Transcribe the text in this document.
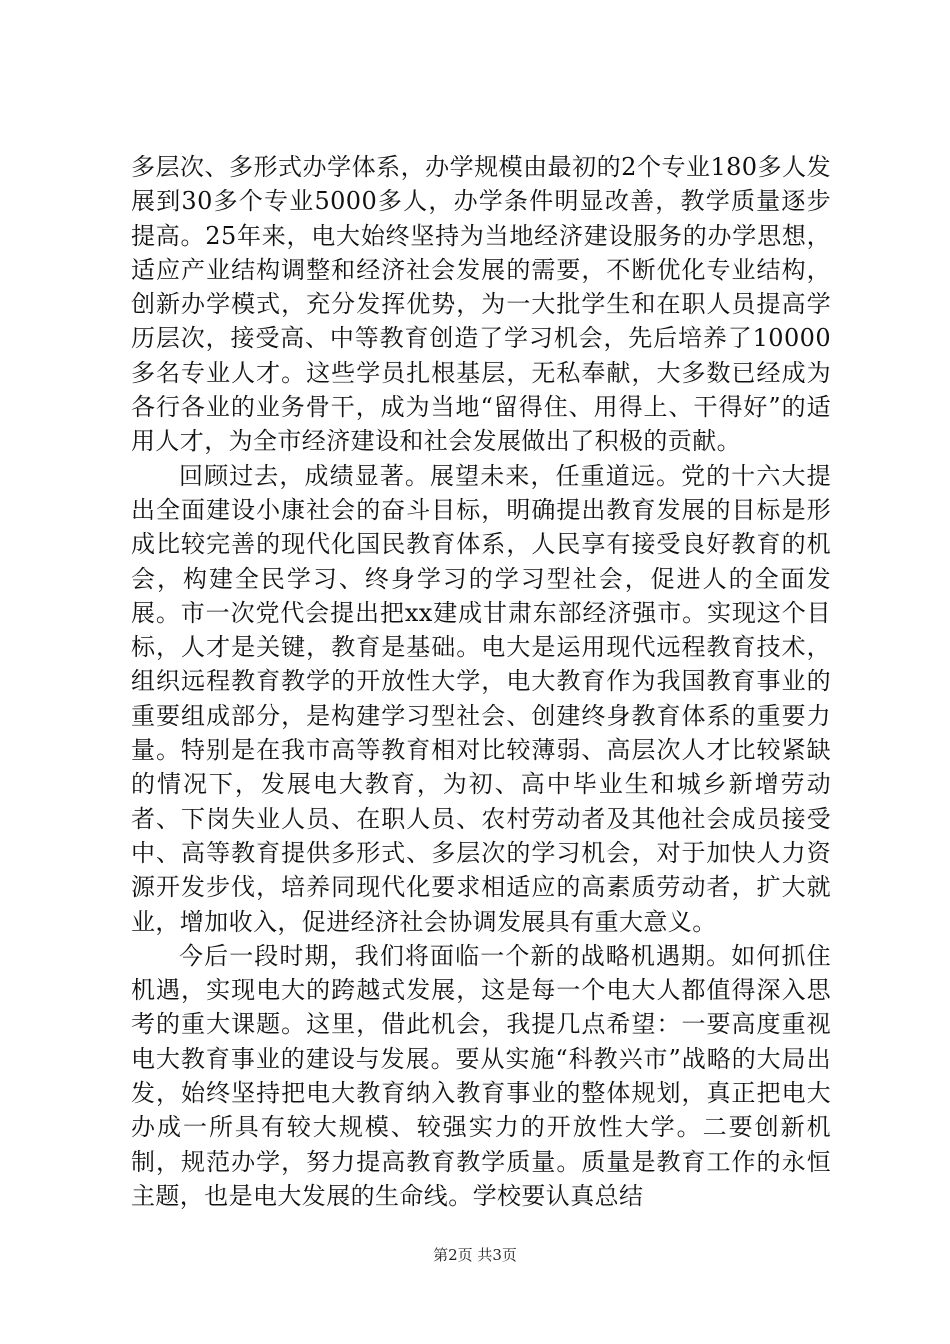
多层次、多形式办学体系，办学规模由最初的2个专业180多人发展到30多个专业5000多人，办学条件明显改善，教学质量逐步提高。25年来，电大始终坚持为当地经济建设服务的办学思想，适应产业结构调整和经济社会发展的需要，不断优化专业结构，创新办学模式，充分发挥优势，为一大批学生和在职人员提高学历层次，接受高、中等教育创造了学习机会，先后培养了10000多名专业人才。这些学员扎根基层，无私奉献，大多数已经成为各行各业的业务骨干，成为当地“留得住、用得上、干得好”的适用人才，为全市经济建设和社会发展做出了积极的贡献。

回顾过去，成绩显著。展望未来，任重道远。党的十六大提出全面建设小康社会的奋斗目标，明确提出教育发展的目标是形成比较完善的现代化国民教育体系，人民享有接受良好教育的机会，构建全民学习、终身学习的学习型社会，促进人的全面发展。市一次党代会提出把xx建成甘肃东部经济强市。实现这个目标，人才是关键，教育是基础。电大是运用现代远程教育技术，组织远程教育教学的开放性大学，电大教育作为我国教育事业的重要组成部分，是构建学习型社会、创建终身教育体系的重要力量。特别是在我市高等教育相对比较薄弱、高层次人才比较紧缺的情况下，发展电大教育，为初、高中毕业生和城乡新增劳动者、下岗失业人员、在职人员、农村劳动者及其他社会成员接受中、高等教育提供多形式、多层次的学习机会，对于加快人力资源开发步伐，培养同现代化要求相适应的高素质劳动者，扩大就业，增加收入，促进经济社会协调发展具有重大意义。

今后一段时期，我们将面临一个新的战略机遇期。如何抓住机遇，实现电大的跨越式发展，这是每一个电大人都值得深入思考的重大课题。这里，借此机会，我提几点希望：一要高度重视电大教育事业的建设与发展。要从实施“科教兴市”战略的大局出发，始终坚持把电大教育纳入教育事业的整体规划，真正把电大办成一所具有较大规模、较强实力的开放性大学。二要创新机制，规范办学，努力提高教育教学质量。质量是教育工作的永恒主题，也是电大发展的生命线。学校要认真总结

第2页 共3页
